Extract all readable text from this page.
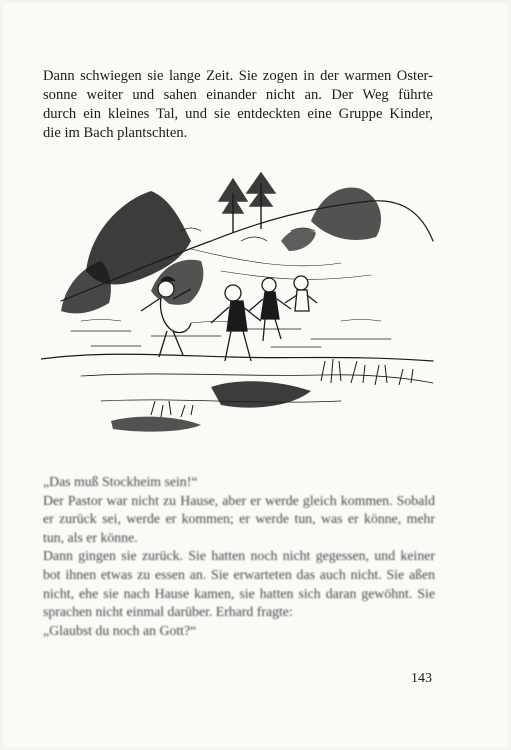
Dann schwiegen sie lange Zeit. Sie zogen in der warmen Oster-
sonne weiter und sahen einander nicht an. Der Weg führte
durch ein kleines Tal, und sie entdeckten eine Gruppe Kinder,
die im Bach plantschten.

„Das muß Stockheim sein!“

Der Pastor war nicht zu Hause, aber er werde gleich kommen. Sobald er zurück sei, werde er kommen; er werde tun, was er könne, mehr tun, als er könne.

Dann gingen sie zurück. Sie hatten noch nicht gegessen, und keiner bot ihnen etwas zu essen an. Sie erwarteten das auch nicht. Sie aßen nicht, ehe sie nach Hause kamen, sie hatten sich daran gewöhnt. Sie sprachen nicht einmal darüber. Erhard fragte:

„Glaubst du noch an Gott?“

143
